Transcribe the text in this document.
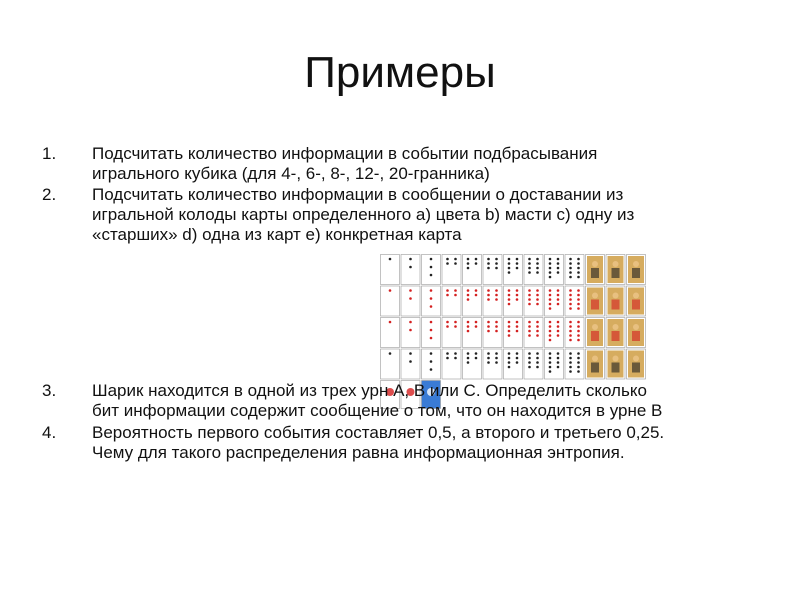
Примеры
1.	Подсчитать количество информации в событии подбрасывания
игрального кубика (для 4-, 6-, 8-, 12-, 20-гранника)
2.	Подсчитать количество информации в сообщении о доставании из
игральной колоды карты определенного a) цвета b) масти c) одну из
«старших» d) одна из карт e) конкретная карта
3.	Шарик находится в одной из трех урн А, В или С. Определить сколько
бит информации содержит сообщение о том, что он находится в урне В
4.	Вероятность первого события составляет 0,5, а второго и третьего 0,25.
Чему для такого распределения равна информационная энтропия.
